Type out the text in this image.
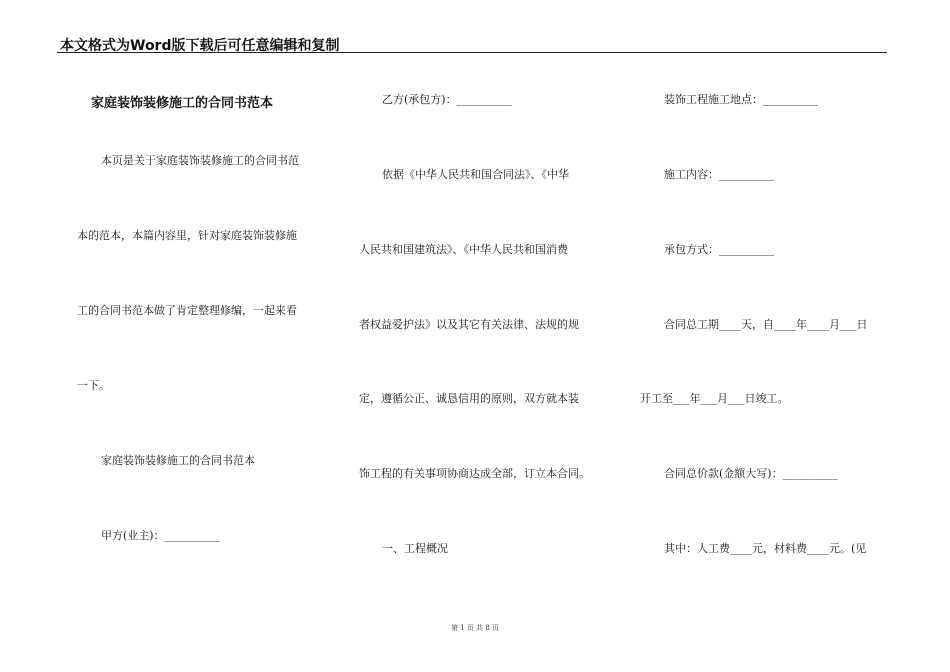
本文格式为Word版下载后可任意编辑和复制
家庭装饰装修施工的合同书范本
本页是关于家庭装饰装修施工的合同书范
本的范本，本篇内容里，针对家庭装饰装修施
工的合同书范本做了肯定整理修编，一起来看
一下。
家庭装饰装修施工的合同书范本
甲方(业主)：__________
乙方(承包方)：__________
依据《中华人民共和国合同法》、《中华
人民共和国建筑法》、《中华人民共和国消费
者权益爱护法》以及其它有关法律、法规的规
定，遵循公正、诚恳信用的原则，双方就本装
饰工程的有关事项协商达成全部，订立本合同。
一、工程概况
装饰工程施工地点：__________
施工内容：__________
承包方式：__________
合同总工期____天，自____年____月___日
开工至___年___月___日竣工。
合同总价款(金额大写)：__________
其中：人工费____元，材料费____元。(见
第 1 页 共 8 页
